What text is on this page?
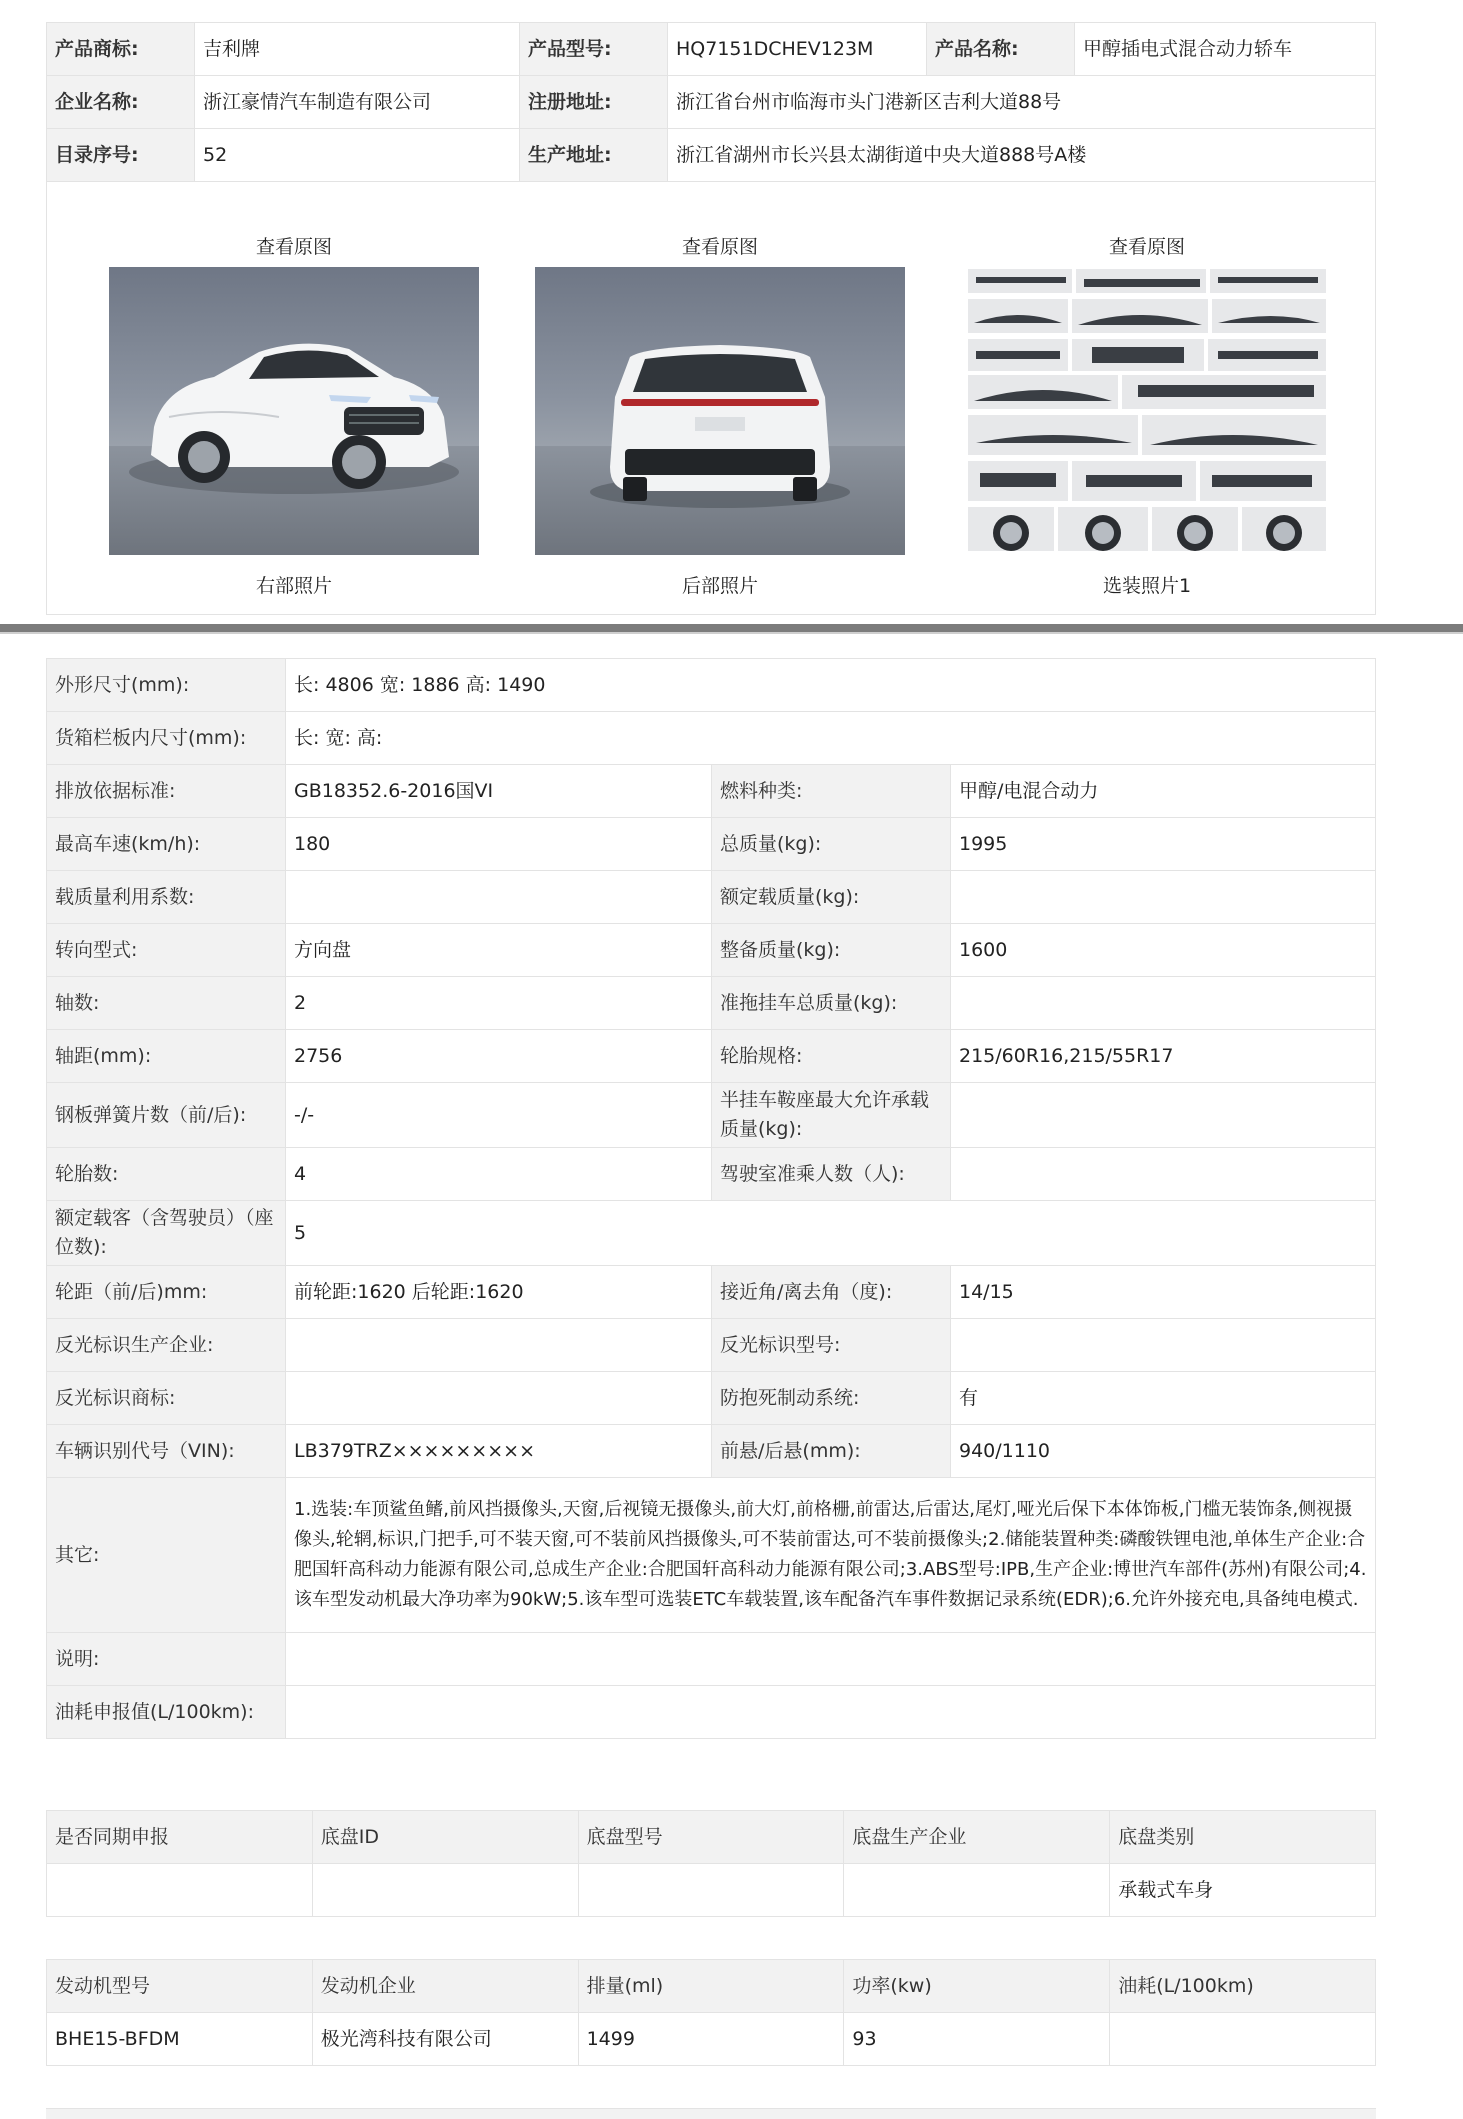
产品商标:	吉利牌	产品型号:	HQ7151DCHEV123M	产品名称:	甲醇插电式混合动力轿车
企业名称:	浙江豪情汽车制造有限公司	注册地址:	浙江省台州市临海市头门港新区吉利大道88号		
目录序号:	52	生产地址:	浙江省湖州市长兴县太湖街道中央大道888号A楼		
查看原图
右部照片
查看原图
后部照片
查看原图
选装照片1
外形尺寸(mm):	长: 4806 宽: 1886 高: 1490		
货箱栏板内尺寸(mm):	长: 宽: 高:		
排放依据标准:	GB18352.6-2016国VI	燃料种类:	甲醇/电混合动力
最高车速(km/h):	180	总质量(kg):	1995
载质量利用系数:		额定载质量(kg):	
转向型式:	方向盘	整备质量(kg):	1600
轴数:	2	准拖挂车总质量(kg):	
轴距(mm):	2756	轮胎规格:	215/60R16,215/55R17
钢板弹簧片数（前/后):	-/-	半挂车鞍座最大允许承载质量(kg):	
轮胎数:	4	驾驶室准乘人数（人):	
额定载客（含驾驶员）（座位数):	5		
轮距（前/后)mm:	前轮距:1620 后轮距:1620	接近角/离去角（度):	14/15
反光标识生产企业:		反光标识型号:	
反光标识商标:		防抱死制动系统:	有
车辆识别代号（VIN):	LB379TRZ×××××××××	前悬/后悬(mm):	940/1110
其它:	1.选装:车顶鲨鱼鳍,前风挡摄像头,天窗,后视镜无摄像头,前大灯,前格栅,前雷达,后雷达,尾灯,哑光后保下本体饰板,门槛无装饰条,侧视摄像头,轮辋,标识,门把手,可不装天窗,可不装前风挡摄像头,可不装前雷达,可不装前摄像头;2.储能装置种类:磷酸铁锂电池,单体生产企业:合肥国轩高科动力能源有限公司,总成生产企业:合肥国轩高科动力能源有限公司;3.ABS型号:IPB,生产企业:博世汽车部件(苏州)有限公司;4.该车型发动机最大净功率为90kW;5.该车型可选装ETC车载装置,该车配备汽车事件数据记录系统(EDR);6.允许外接充电,具备纯电模式.		
说明:			
油耗申报值(L/100km):			
是否同期申报	底盘ID	底盘型号	底盘生产企业	底盘类别
				承载式车身
发动机型号	发动机企业	排量(ml)	功率(kw)	油耗(L/100km)
BHE15-BFDM	极光湾科技有限公司	1499	93	
